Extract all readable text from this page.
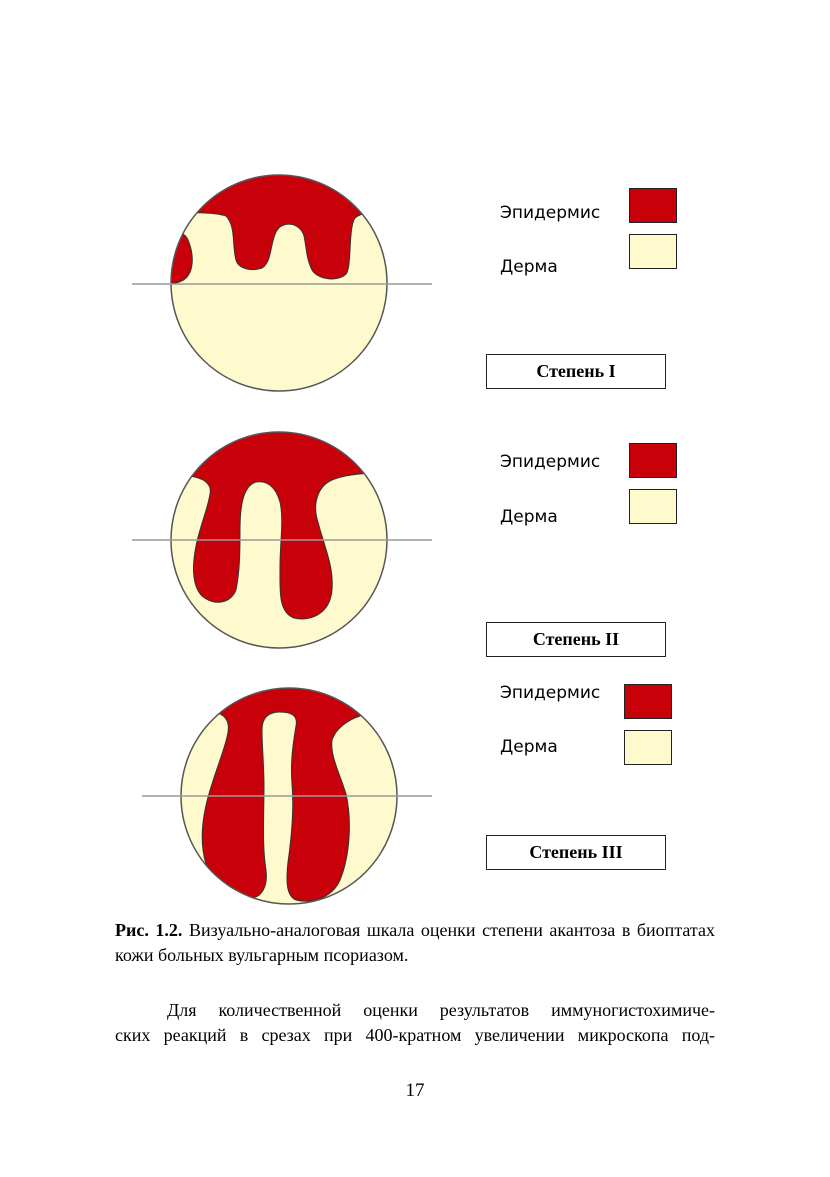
Эпидермис
Дерма
Степень I
Эпидермис
Дерма
Степень II
Эпидермис
Дерма
Степень III
Рис. 1.2. Визуально-аналоговая шкала оценки степени акантоза в биоптатах кожи больных вульгарным псориазом.
Для количественной оценки результатов иммуногистохимиче-
ских реакций в срезах при 400-кратном увеличении микроскопа под-
17
